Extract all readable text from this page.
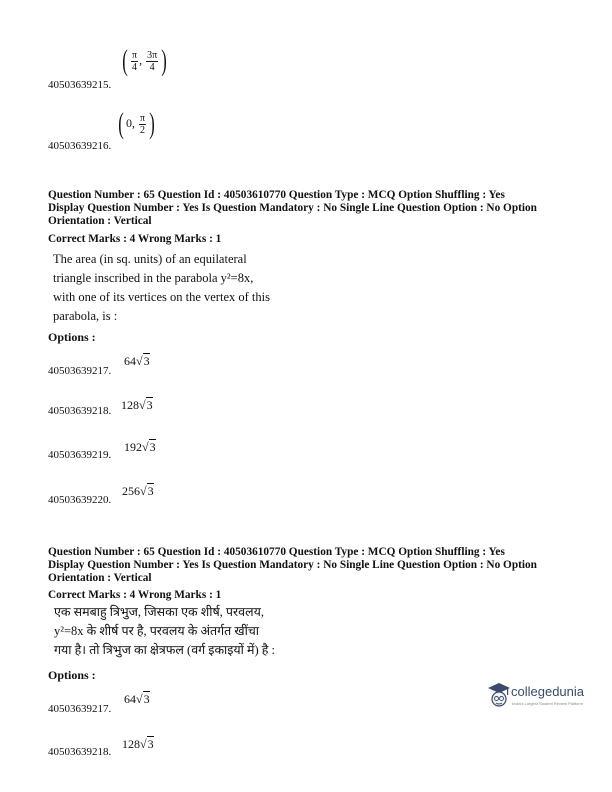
40503639215.
( $\frac{\pi}{4}$ , $\frac{3\pi}{4}$ )
40503639216.
( 0, $\frac{\pi}{2}$ )
Question Number : 65 Question Id : 40503610770 Question Type : MCQ Option Shuffling : Yes
Display Question Number : Yes Is Question Mandatory : No Single Line Question Option : No Option
Orientation : Vertical
Correct Marks : 4 Wrong Marks : 1
The area (in sq. units) of an equilateral
triangle inscribed in the parabola y²=8x,
with one of its vertices on the vertex of this
parabola, is :
Options :
40503639217.
64√3
40503639218. 128√3
40503639219.
192√3
40503639220.
256√3
Question Number : 65 Question Id : 40503610770 Question Type : MCQ Option Shuffling : Yes
Display Question Number : Yes Is Question Mandatory : No Single Line Question Option : No Option
Orientation : Vertical
Correct Marks : 4 Wrong Marks : 1
एक समबाहु त्रिभुज, जिसका एक शीर्ष, परवलय,
y²=8x के शीर्ष पर है, परवलय के अंतर्गत खींचा
गया है। तो त्रिभुज का क्षेत्रफल (वर्ग इकाइयों में) है :
Options :
40503639217.
64√3
40503639218.
128√3
collegedunia
India's Largest Student Review Platform
